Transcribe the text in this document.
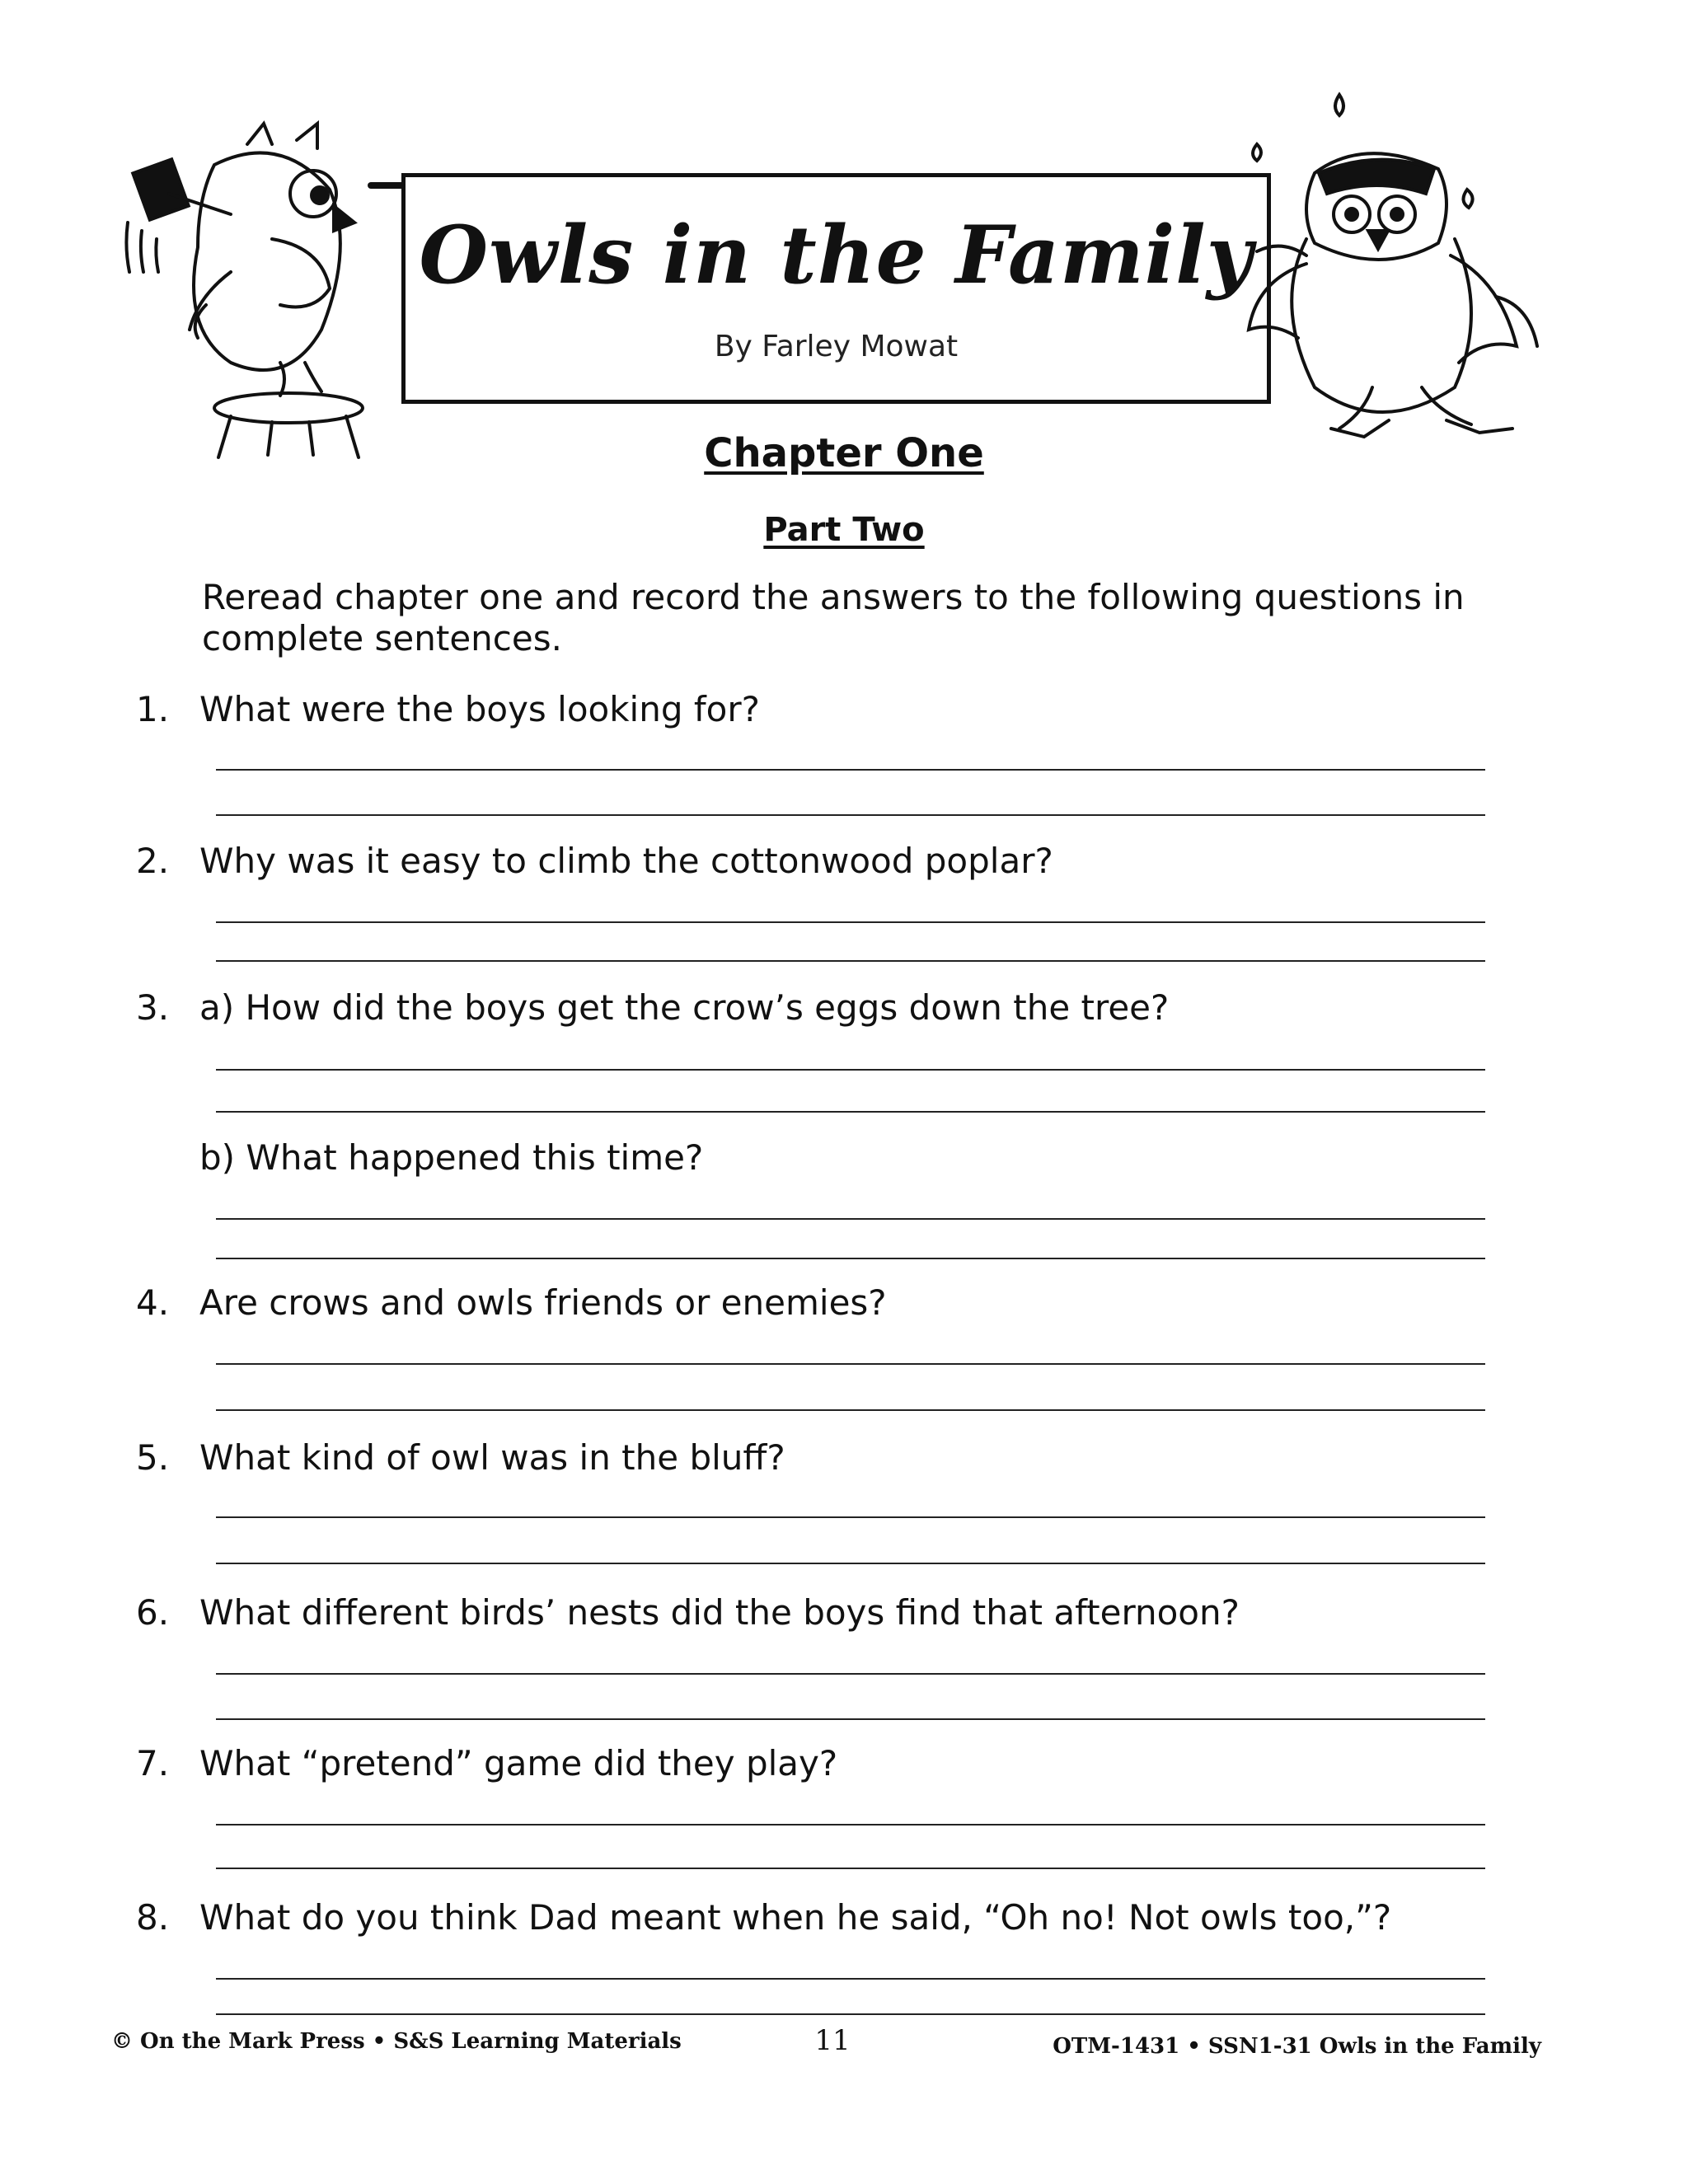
Owls in the Family
By Farley Mowat
Chapter One
Part Two
Reread chapter one and record the answers to the following questions in complete sentences.
1. What were the boys looking for?
2. Why was it easy to climb the cottonwood poplar?
3. a) How did the boys get the crow’s eggs down the tree?
b) What happened this time?
4. Are crows and owls friends or enemies?
5. What kind of owl was in the bluff?
6. What different birds’ nests did the boys find that afternoon?
7. What “pretend” game did they play?
8. What do you think Dad meant when he said, “Oh no! Not owls too,”?
© On the Mark Press • S&S Learning Materials	11	OTM-1431 • SSN1-31 Owls in the Family
